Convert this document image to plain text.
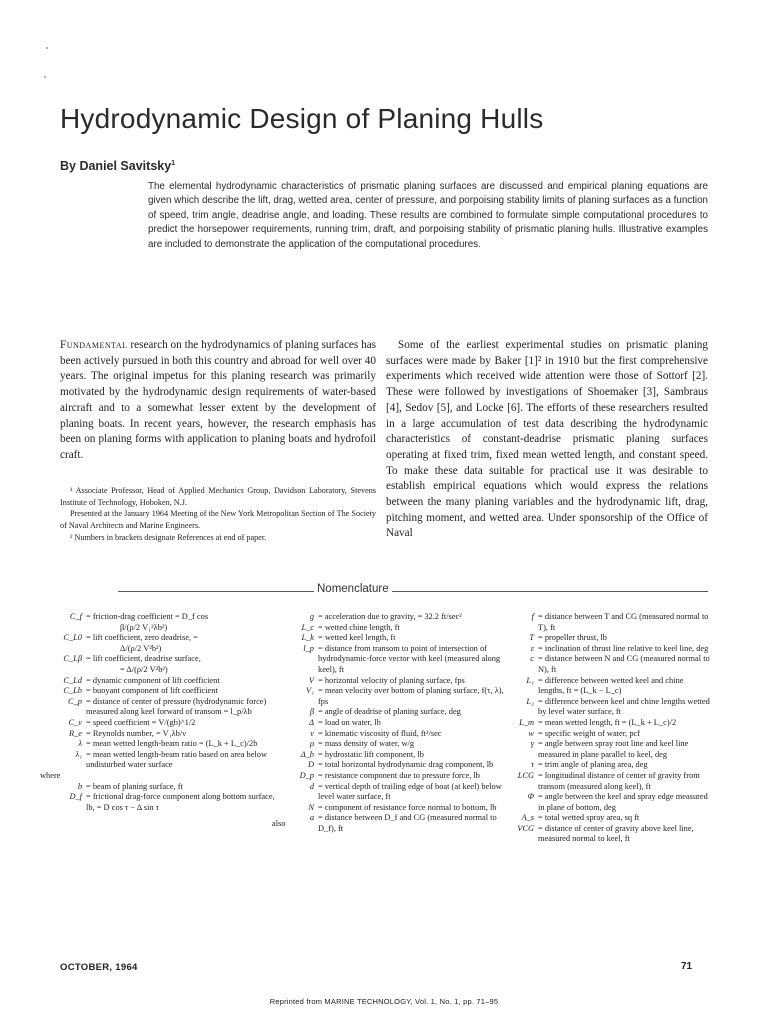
Hydrodynamic Design of Planing Hulls
By Daniel Savitsky$^1$
The elemental hydrodynamic characteristics of prismatic planing surfaces are discussed and empirical planing equations are given which describe the lift, drag, wetted area, center of pressure, and porpoising stability limits of planing surfaces as a function of speed, trim angle, deadrise angle, and loading. These results are combined to formulate simple computational procedures to predict the horsepower requirements, running trim, draft, and porpoising stability of prismatic planing hulls. Illustrative examples are included to demonstrate the application of the computational procedures.
Fundamental research on the hydrodynamics of planing surfaces has been actively pursued in both this country and abroad for well over 40 years. The original impetus for this planing research was primarily motivated by the hydrodynamic design requirements of water-based aircraft and to a somewhat lesser extent by the development of planing boats. In recent years, however, the research emphasis has been on planing forms with application to planing boats and hydrofoil craft.
Some of the earliest experimental studies on prismatic planing surfaces were made by Baker [1]² in 1910 but the first comprehensive experiments which received wide attention were those of Sottorf [2]. These were followed by investigations of Shoemaker [3], Sambraus [4], Sedov [5], and Locke [6]. The efforts of these researchers resulted in a large accumulation of test data describing the hydrodynamic characteristics of constant-deadrise prismatic planing surfaces operating at fixed trim, fixed mean wetted length, and constant speed. To make these data suitable for practical use it was desirable to establish empirical equations which would express the relations between the many planing variables and the hydrodynamic lift, drag, pitching moment, and wetted area. Under sponsorship of the Office of Naval

¹ Associate Professor, Head of Applied Mechanics Group, Davidson Laboratory, Stevens Institute of Technology, Hoboken, N.J.

Presented at the January 1964 Meeting of the New York Metropolitan Section of The Society of Naval Architects and Marine Engineers.

² Numbers in brackets designate References at end of paper.

Nomenclature
C_f = friction-drag coefficient = D_f cos
β/(ρ/2 V₁²λb²)
C_L0 = lift coefficient, zero deadrise, =
Δ/(ρ/2 V²b²)
C_Lβ = lift coefficient, deadrise surface,
= Δ/(ρ/2 V²b²)
C_Ld = dynamic component of lift coefficient
C_Lb = buoyant component of lift coefficient
C_p = distance of center of pressure (hydrodynamic force) measured along keel forward of transom = l_p/λb
C_v = speed coefficient = V/(gb)^1/2
R_e = Reynolds number, = V₁λb/ν
λ = mean wetted length-beam ratio = (L_k + L_c)/2b
λ₁ = mean wetted length-beam ratio based on area below undisturbed water surface
where
b = beam of planing surface, ft
D_f = frictional drag-force component along bottom surface, lb, = D cos τ − Δ sin τ
g = acceleration due to gravity, = 32.2 ft/sec²
L_c = wetted chine length, ft
L_k = wetted keel length, ft
l_p = distance from transom to point of intersection of hydrodynamic-force vector with keel (measured along keel), ft
V = horizontal velocity of planing surface, fps
V₁ = mean velocity over bottom of planing surface, f(τ, λ), fps
β = angle of deadrise of planing surface, deg
Δ = load on water, lb
ν = kinematic viscosity of fluid, ft²/sec
ρ = mass density of water, w/g
Δ_b = hydrostatic lift component, lb
D = total horizontal hydrodynamic drag component, lb
D_p = resistance component due to pressure force, lb
d = vertical depth of trailing edge of boat (at keel) below level water surface, ft
N = component of resistance force normal to bottom, lb
a = distance between D_f and CG (measured normal to D_f), ft
f = distance between T and CG (measured normal to T), ft
T = propeller thrust, lb
ε = inclination of thrust line relative to keel line, deg
c = distance between N and CG (measured normal to N), ft
L₁ = difference between wetted keel and chine lengths, ft = (L_k − L_c)
L₂ = difference between keel and chine lengths wetted by level water surface, ft
L_m = mean wetted length, ft = (L_k + L_c)/2
w = specific weight of water, pcf
γ = angle between spray root line and keel line measured in plane parallel to keel, deg
τ = trim angle of planing area, deg
LCG = longitudinal distance of center of gravity from transom (measured along keel), ft
Φ = angle between the keel and spray edge measured in plane of bottom, deg
A_s = total wetted spray area, sq ft
VCG = distance of center of gravity above keel line, measured normal to keel, ft
OCTOBER, 1964	71
Reprinted from MARINE TECHNOLOGY, Vol. 1, No. 1, pp. 71–95
also
